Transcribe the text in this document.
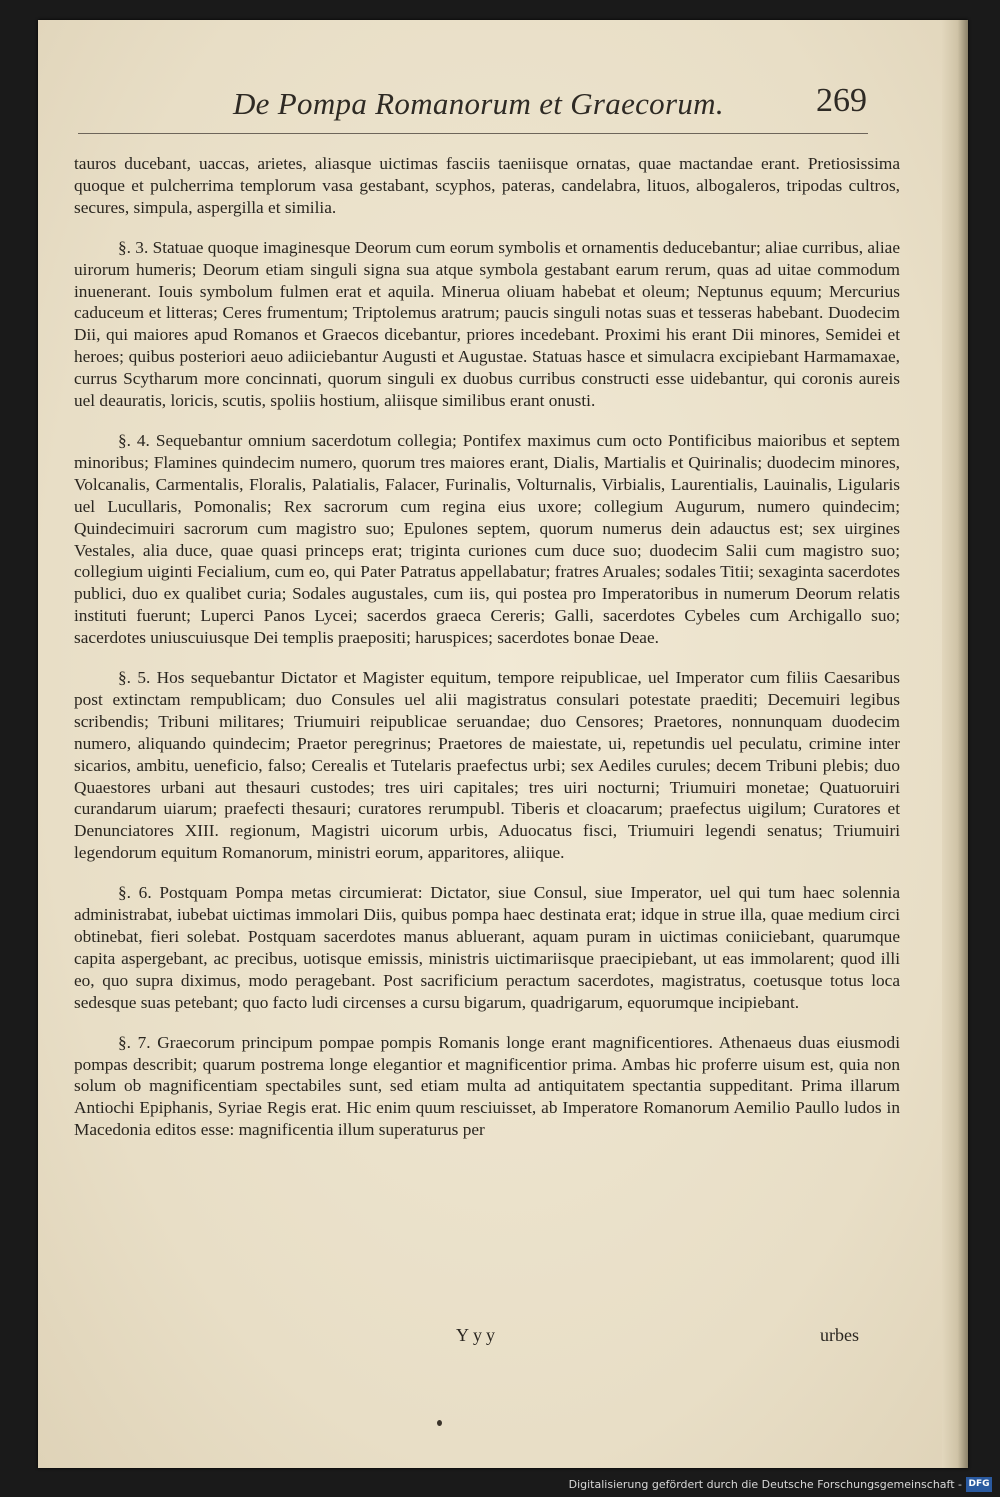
De Pompa Romanorum et Graecorum.	269

tauros ducebant, uaccas, arietes, aliasque uictimas fasciis taeniisque ornatas, quae mactandae erant. Pretiosissima quoque et pulcherrima templorum vasa gestabant, scyphos, pateras, candelabra, lituos, albogaleros, tripodas cultros, secures, simpula, aspergilla et similia.

§. 3. Statuae quoque imaginesque Deorum cum eorum symbolis et ornamentis deducebantur; aliae curribus, aliae uirorum humeris; Deorum etiam singuli signa sua atque symbola gestabant earum rerum, quas ad uitae commodum inuenerant. Iouis symbolum fulmen erat et aquila. Minerua oliuam habebat et oleum; Neptunus equum; Mercurius caduceum et litteras; Ceres frumentum; Triptolemus aratrum; paucis singuli notas suas et tesseras habebant. Duodecim Dii, qui maiores apud Romanos et Graecos dicebantur, priores incedebant. Proximi his erant Dii minores, Semidei et heroes; quibus posteriori aeuo adiiciebantur Augusti et Augustae. Statuas hasce et simulacra excipiebant Harmamaxae, currus Scytharum more concinnati, quorum singuli ex duobus curribus constructi esse uidebantur, qui coronis aureis uel deauratis, loricis, scutis, spoliis hostium, aliisque similibus erant onusti.

§. 4. Sequebantur omnium sacerdotum collegia; Pontifex maximus cum octo Pontificibus maioribus et septem minoribus; Flamines quindecim numero, quorum tres maiores erant, Dialis, Martialis et Quirinalis; duodecim minores, Volcanalis, Carmentalis, Floralis, Palatialis, Falacer, Furinalis, Volturnalis, Virbialis, Laurentialis, Lauinalis, Ligularis uel Lucullaris, Pomonalis; Rex sacrorum cum regina eius uxore; collegium Augurum, numero quindecim; Quindecimuiri sacrorum cum magistro suo; Epulones septem, quorum numerus dein adauctus est; sex uirgines Vestales, alia duce, quae quasi princeps erat; triginta curiones cum duce suo; duodecim Salii cum magistro suo; collegium uiginti Fecialium, cum eo, qui Pater Patratus appellabatur; fratres Aruales; sodales Titii; sexaginta sacerdotes publici, duo ex qualibet curia; Sodales augustales, cum iis, qui postea pro Imperatoribus in numerum Deorum relatis instituti fuerunt; Luperci Panos Lycei; sacerdos graeca Cereris; Galli, sacerdotes Cybeles cum Archigallo suo; sacerdotes uniuscuiusque Dei templis praepositi; haruspices; sacerdotes bonae Deae.

§. 5. Hos sequebantur Dictator et Magister equitum, tempore reipublicae, uel Imperator cum filiis Caesaribus post extinctam rempublicam; duo Consules uel alii magistratus consulari potestate praediti; Decemuiri legibus scribendis; Tribuni militares; Triumuiri reipublicae seruandae; duo Censores; Praetores, nonnunquam duodecim numero, aliquando quindecim; Praetor peregrinus; Praetores de maiestate, ui, repetundis uel peculatu, crimine inter sicarios, ambitu, ueneficio, falso; Cerealis et Tutelaris praefectus urbi; sex Aediles curules; decem Tribuni plebis; duo Quaestores urbani aut thesauri custodes; tres uiri capitales; tres uiri nocturni; Triumuiri monetae; Quatuoruiri curandarum uiarum; praefecti thesauri; curatores rerumpubl. Tiberis et cloacarum; praefectus uigilum; Curatores et Denunciatores XIII. regionum, Magistri uicorum urbis, Aduocatus fisci, Triumuiri legendi senatus; Triumuiri legendorum equitum Romanorum, ministri eorum, apparitores, aliique.

§. 6. Postquam Pompa metas circumierat: Dictator, siue Consul, siue Imperator, uel qui tum haec solennia administrabat, iubebat uictimas immolari Diis, quibus pompa haec destinata erat; idque in strue illa, quae medium circi obtinebat, fieri solebat. Postquam sacerdotes manus abluerant, aquam puram in uictimas coniiciebant, quarumque capita aspergebant, ac precibus, uotisque emissis, ministris uictimariisque praecipiebant, ut eas immolarent; quod illi eo, quo supra diximus, modo peragebant. Post sacrificium peractum sacerdotes, magistratus, coetusque totus loca sedesque suas petebant; quo facto ludi circenses a cursu bigarum, quadrigarum, equorumque incipiebant.

§. 7. Graecorum principum pompae pompis Romanis longe erant magnificentiores. Athenaeus duas eiusmodi pompas describit; quarum postrema longe elegantior et magnificentior prima. Ambas hic proferre uisum est, quia non solum ob magnificentiam spectabiles sunt, sed etiam multa ad antiquitatem spectantia suppeditant. Prima illarum Antiochi Epiphanis, Syriae Regis erat. Hic enim quum resciuisset, ab Imperatore Romanorum Aemilio Paullo ludos in Macedonia editos esse: magnificentia illum superaturus per

Yyy	urbes
Digitalisierung gefördert durch die Deutsche Forschungsgemeinschaft - DFG
